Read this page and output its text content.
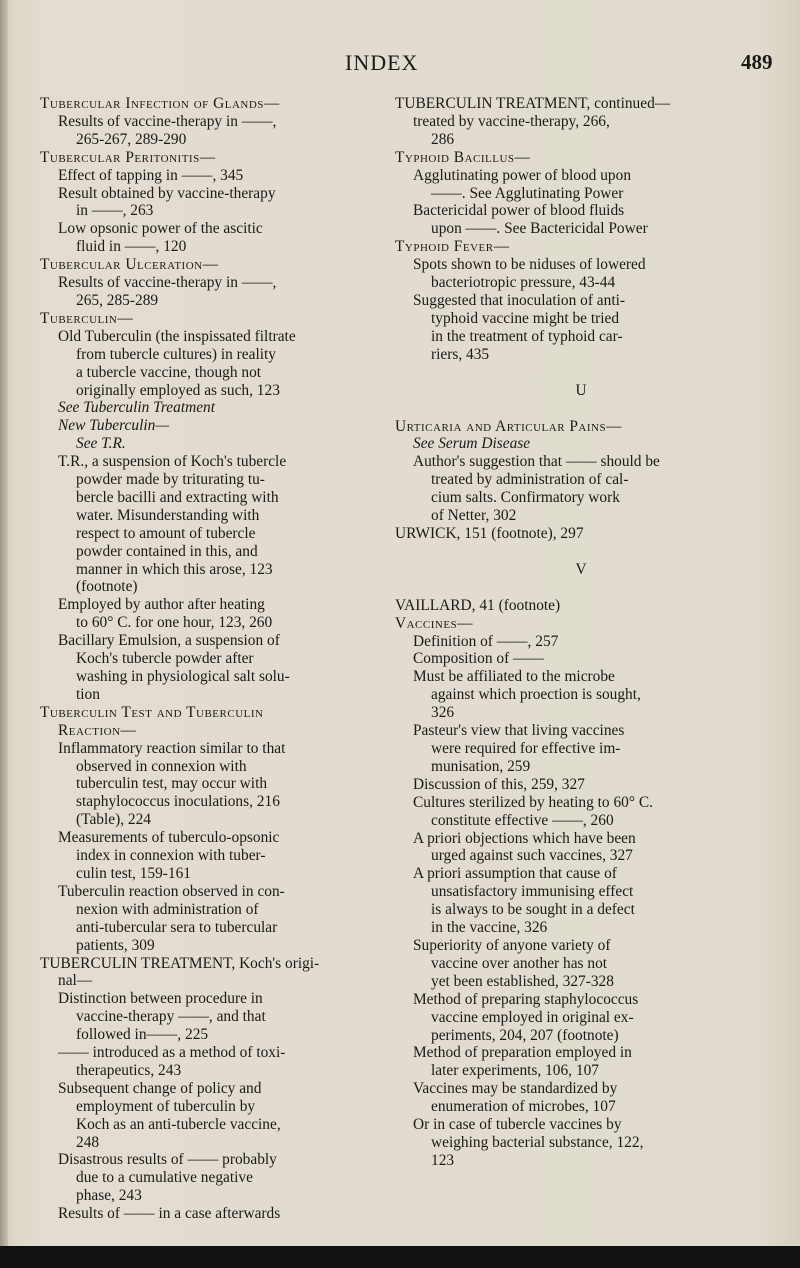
INDEX	489
Tubercular Infection of Glands—
Results of vaccine-therapy in ——,
265-267, 289-290
Tubercular Peritonitis—
Effect of tapping in ——, 345
Result obtained by vaccine-therapy
in ——, 263
Low opsonic power of the ascitic
fluid in ——, 120
Tubercular Ulceration—
Results of vaccine-therapy in ——,
265, 285-289
Tuberculin—
Old Tuberculin (the inspissated filtrate
from tubercle cultures) in reality
a tubercle vaccine, though not
originally employed as such, 123
See Tuberculin Treatment
New Tuberculin—
See T.R.
T.R., a suspension of Koch's tubercle
powder made by triturating tu-
bercle bacilli and extracting with
water. Misunderstanding with
respect to amount of tubercle
powder contained in this, and
manner in which this arose, 123
(footnote)
Employed by author after heating
to 60° C. for one hour, 123, 260
Bacillary Emulsion, a suspension of
Koch's tubercle powder after
washing in physiological salt solu-
tion
Tuberculin Test and Tuberculin
Reaction—
Inflammatory reaction similar to that
observed in connexion with
tuberculin test, may occur with
staphylococcus inoculations, 216
(Table), 224
Measurements of tuberculo-opsonic
index in connexion with tuber-
culin test, 159-161
Tuberculin reaction observed in con-
nexion with administration of
anti-tubercular sera to tubercular
patients, 309
TUBERCULIN TREATMENT, Koch's origi-
nal—
Distinction between procedure in
vaccine-therapy ——, and that
followed in——, 225
—— introduced as a method of toxi-
therapeutics, 243
Subsequent change of policy and
employment of tuberculin by
Koch as an anti-tubercle vaccine,
248
Disastrous results of —— probably
due to a cumulative negative
phase, 243
Results of —— in a case afterwards
TUBERCULIN TREATMENT, continued—
treated by vaccine-therapy, 266,
286
Typhoid Bacillus—
Agglutinating power of blood upon
——. See Agglutinating Power
Bactericidal power of blood fluids
upon ——. See Bactericidal Power
Typhoid Fever—
Spots shown to be niduses of lowered
bacteriotropic pressure, 43-44
Suggested that inoculation of anti-
typhoid vaccine might be tried
in the treatment of typhoid car-
riers, 435
U
Urticaria and Articular Pains—
See Serum Disease
Author's suggestion that —— should be
treated by administration of cal-
cium salts. Confirmatory work
of Netter, 302
URWICK, 151 (footnote), 297
V
VAILLARD, 41 (footnote)
Vaccines—
Definition of ——, 257
Composition of ——
Must be affiliated to the microbe
against which proection is sought,
326
Pasteur's view that living vaccines
were required for effective im-
munisation, 259
Discussion of this, 259, 327
Cultures sterilized by heating to 60° C.
constitute effective ——, 260
A priori objections which have been
urged against such vaccines, 327
A priori assumption that cause of
unsatisfactory immunising effect
is always to be sought in a defect
in the vaccine, 326
Superiority of anyone variety of
vaccine over another has not
yet been established, 327-328
Method of preparing staphylococcus
vaccine employed in original ex-
periments, 204, 207 (footnote)
Method of preparation employed in
later experiments, 106, 107
Vaccines may be standardized by
enumeration of microbes, 107
Or in case of tubercle vaccines by
weighing bacterial substance, 122,
123
